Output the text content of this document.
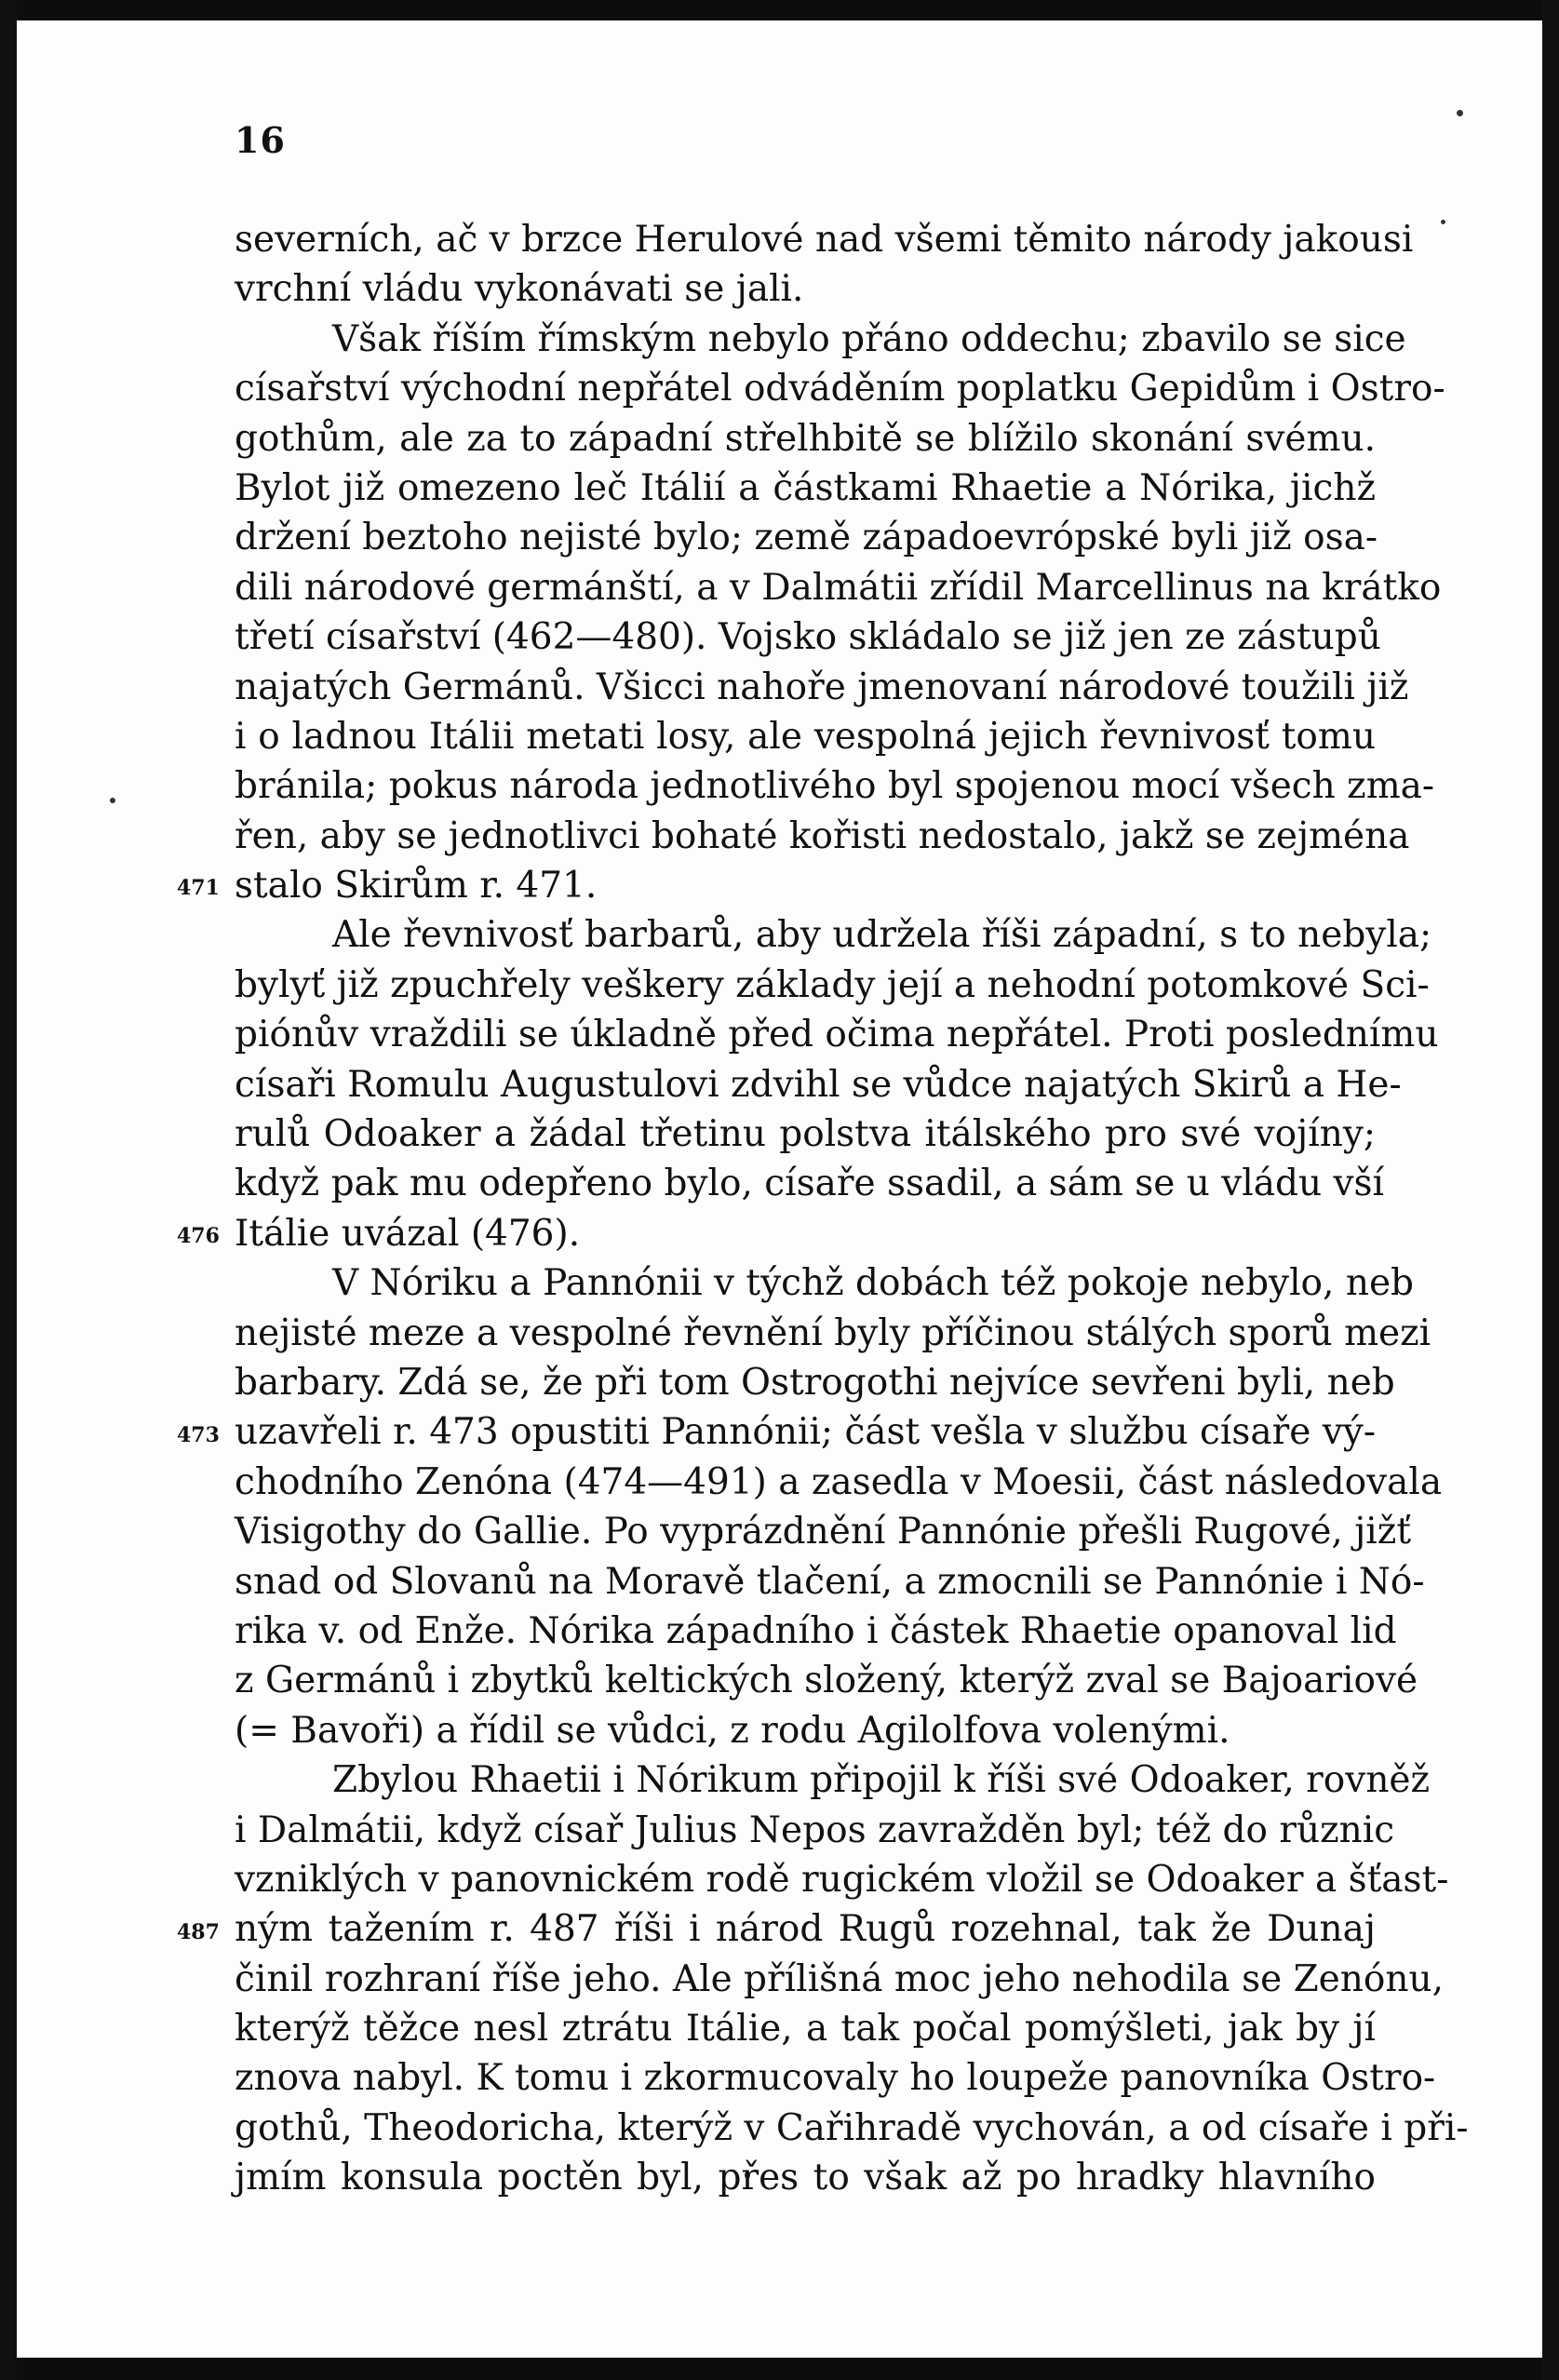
16
severních, ač v brzce Herulové nad všemi těmito národy jakousi
vrchní vládu vykonávati se jali.
Však říším římským nebylo přáno oddechu; zbavilo se sice
císařství východní nepřátel odváděním poplatku Gepidům i Ostro-
gothům, ale za to západní střelhbitě se blížilo skonání svému.
Bylot již omezeno leč Itálií a částkami Rhaetie a Nórika, jichž
držení beztoho nejisté bylo; země západoevrópské byli již osa-
dili národové germánští, a v Dalmátii zřídil Marcellinus na krátko
třetí císařství (462—480). Vojsko skládalo se již jen ze zástupů
najatých Germánů. Všicci nahoře jmenovaní národové toužili již
i o ladnou Itálii metati losy, ale vespolná jejich řevnivosť tomu
bránila; pokus národa jednotlivého byl spojenou mocí všech zma-
řen, aby se jednotlivci bohaté kořisti nedostalo, jakž se zejména
stalo Skirům r. 471.
Ale řevnivosť barbarů, aby udržela říši západní, s to nebyla;
bylyť již zpuchřely veškery základy její a nehodní potomkové Sci-
piónův vraždili se úkladně před očima nepřátel. Proti poslednímu
císaři Romulu Augustulovi zdvihl se vůdce najatých Skirů a He-
rulů Odoaker a žádal třetinu polstva itálského pro své vojíny;
když pak mu odepřeno bylo, císaře ssadil, a sám se u vládu vší
Itálie uvázal (476).
V Nóriku a Pannónii v týchž dobách též pokoje nebylo, neb
nejisté meze a vespolné řevnění byly příčinou stálých sporů mezi
barbary. Zdá se, že při tom Ostrogothi nejvíce sevřeni byli, neb
uzavřeli r. 473 opustiti Pannónii; část vešla v službu císaře vý-
chodního Zenóna (474—491) a zasedla v Moesii, část následovala
Visigothy do Gallie. Po vyprázdnění Pannónie přešli Rugové, jižť
snad od Slovanů na Moravě tlačení, a zmocnili se Pannónie i Nó-
rika v. od Enže. Nórika západního i částek Rhaetie opanoval lid
z Germánů i zbytků keltických složený, kterýž zval se Bajoariové
(= Bavoři) a řídil se vůdci, z rodu Agilolfova volenými.
Zbylou Rhaetii i Nórikum připojil k říši své Odoaker, rovněž
i Dalmátii, když císař Julius Nepos zavražděn byl; též do různic
vzniklých v panovnickém rodě rugickém vložil se Odoaker a šťast-
ným tažením r. 487 říši i národ Rugů rozehnal, tak že Dunaj
činil rozhraní říše jeho. Ale přílišná moc jeho nehodila se Zenónu,
kterýž těžce nesl ztrátu Itálie, a tak počal pomýšleti, jak by jí
znova nabyl. K tomu i zkormucovaly ho loupeže panovníka Ostro-
gothů, Theodoricha, kterýž v Cařihradě vychován, a od císaře i při-
jmím konsula poctěn byl, přes to však až po hradky hlavního
471
476
473
487
